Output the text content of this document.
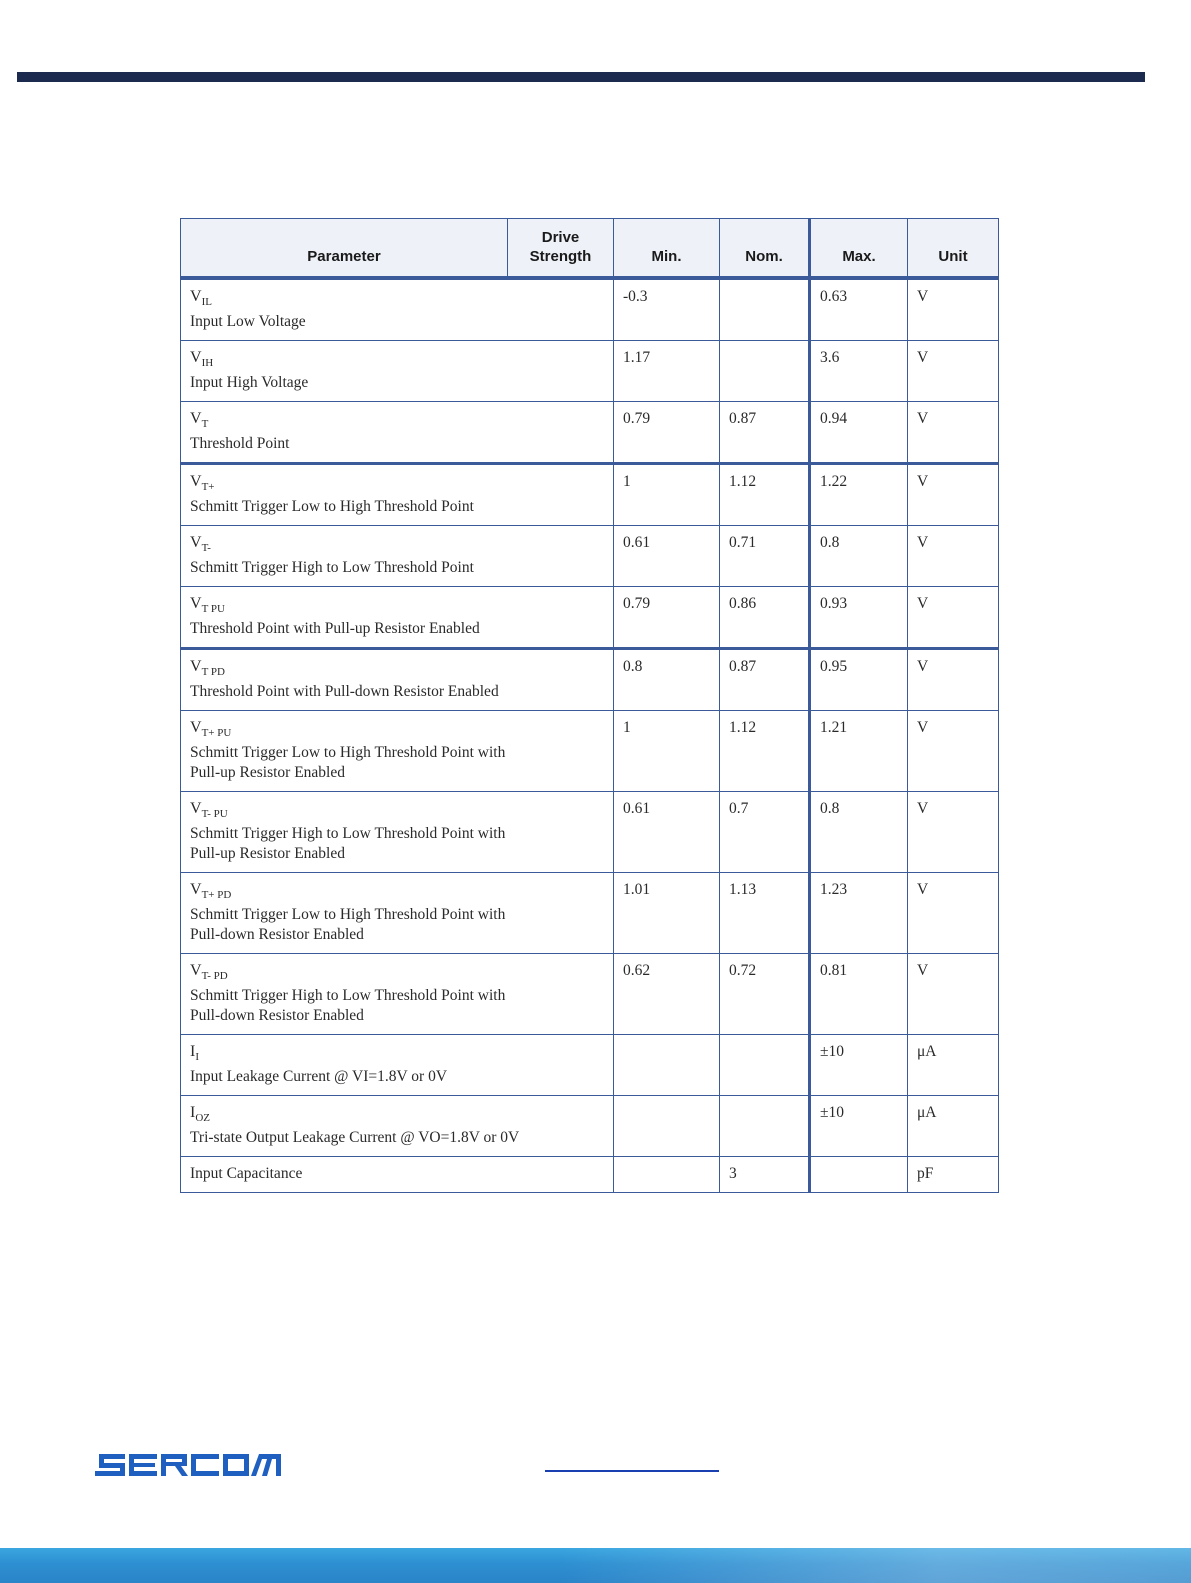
Parameter	Drive Strength	Min.	Nom.	Max.	Unit

$V_{IL}$
Input Low Voltage		-0.3		0.63	V

$V_{IH}$
Input High Voltage		1.17		3.6	V

$V_T$
Threshold Point		0.79	0.87	0.94	V

$V_{T+}$
Schmitt Trigger Low to High Threshold Point		1	1.12	1.22	V

$V_{T-}$
Schmitt Trigger High to Low Threshold Point		0.61	0.71	0.8	V

$V_{T PU}$
Threshold Point with Pull-up Resistor Enabled		0.79	0.86	0.93	V

$V_{T PD}$
Threshold Point with Pull-down Resistor Enabled		0.8	0.87	0.95	V

$V_{T+ PU}$
Schmitt Trigger Low to High Threshold Point with
Pull-up Resistor Enabled		1	1.12	1.21	V

$V_{T- PU}$
Schmitt Trigger High to Low Threshold Point with
Pull-up Resistor Enabled		0.61	0.7	0.8	V

$V_{T+ PD}$
Schmitt Trigger Low to High Threshold Point with
Pull-down Resistor Enabled		1.01	1.13	1.23	V

$V_{T- PD}$
Schmitt Trigger High to Low Threshold Point with
Pull-down Resistor Enabled		0.62	0.72	0.81	V

$I_I$
Input Leakage Current @ VI=1.8V or 0V				±10	μA

$I_{OZ}$
Tri-state Output Leakage Current @ VO=1.8V or 0V				±10	μA

Input Capacitance			3		pF
